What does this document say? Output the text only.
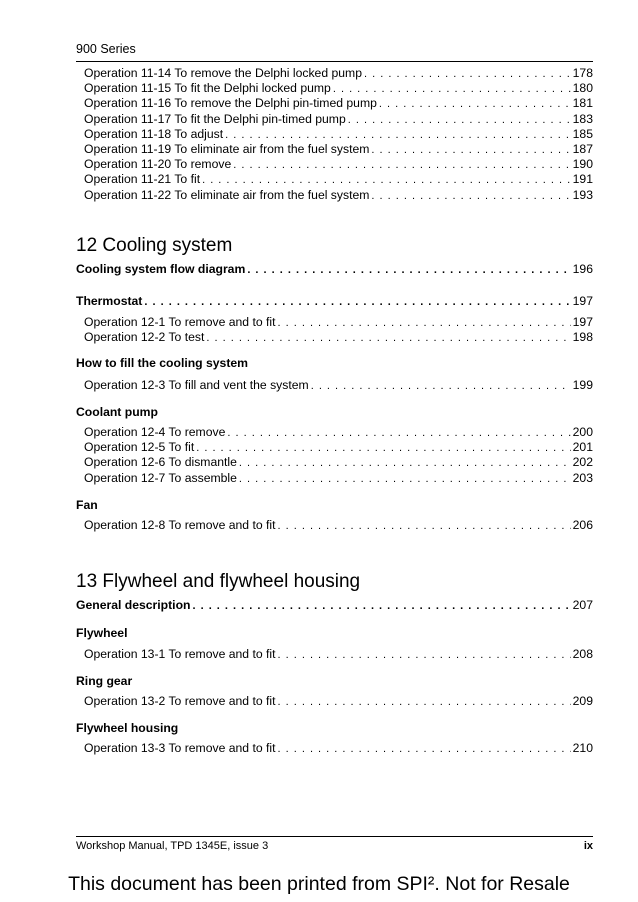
900 Series
Operation 11-14 To remove the Delphi locked pump . . .	178
Operation 11-15 To fit the Delphi locked pump . . .	180
Operation 11-16 To remove the Delphi pin-timed pump . . .	181
Operation 11-17 To fit the Delphi pin-timed pump . . .	183
Operation 11-18 To adjust . . .	185
Operation 11-19 To eliminate air from the fuel system . . .	187
Operation 11-20 To remove . . .	190
Operation 11-21 To fit . . .	191
Operation 11-22 To eliminate air from the fuel system . . .	193
12 Cooling system
Cooling system flow diagram . . .	196
Thermostat . . .	197
Operation 12-1 To remove and to fit . . .	197
Operation 12-2 To test . . .	198
How to fill the cooling system
Operation 12-3 To fill and vent the system . . .	199
Coolant pump
Operation 12-4 To remove . . .	200
Operation 12-5 To fit . . .	201
Operation 12-6 To dismantle . . .	202
Operation 12-7 To assemble . . .	203
Fan
Operation 12-8 To remove and to fit . . .	206
13 Flywheel and flywheel housing
General description . . .	207
Flywheel
Operation 13-1 To remove and to fit . . .	208
Ring gear
Operation 13-2 To remove and to fit . . .	209
Flywheel housing
Operation 13-3 To remove and to fit . . .	210
Workshop Manual, TPD 1345E, issue 3	ix
This document has been printed from SPI². Not for Resale
